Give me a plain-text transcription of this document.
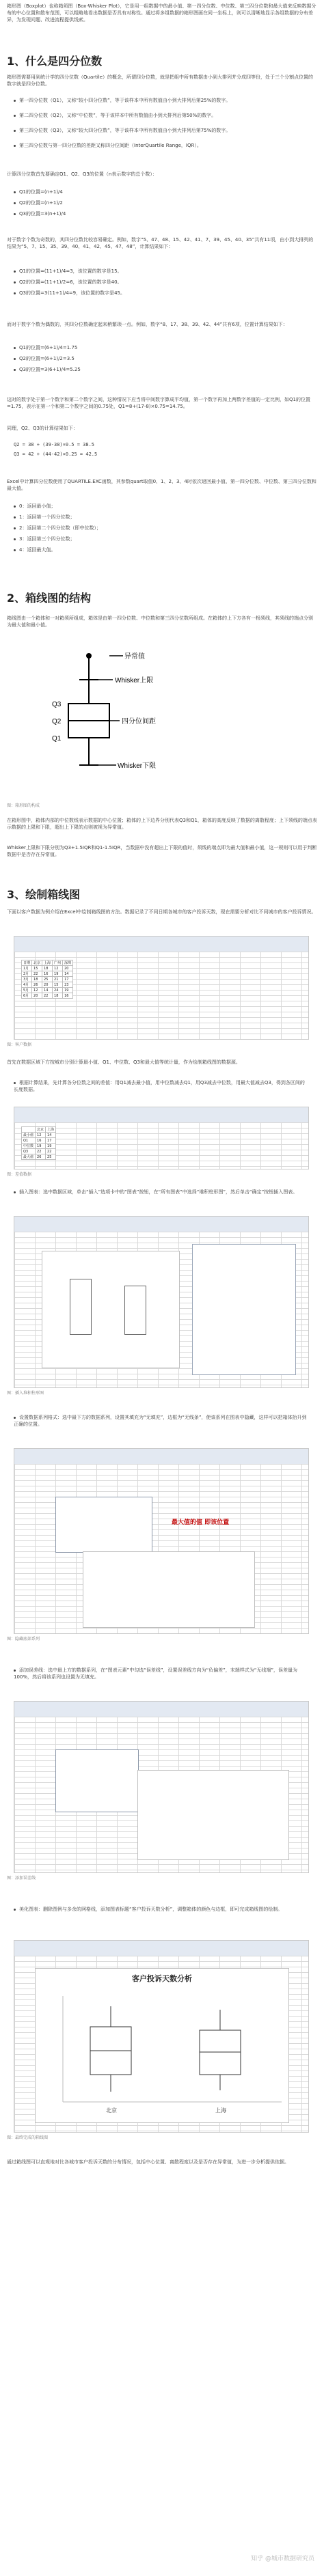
箱形图（Boxplot）也称箱须图（Box-Whisker Plot），它是用一组数据中的最小值、第一四分位数、中位数、第三四分位数和最大值来反映数据分布的中心位置和散布范围，可以粗略地看出数据是否具有对称性。通过将多组数据的箱形图画在同一坐标上，则可以清晰地显示各组数据的分布差异，为发现问题、改进流程提供线索。
1、什么是四分位数
箱形图需要用到统计学的四分位数（Quartile）的概念，所谓四分位数，就是把组中所有数据由小到大排列并分成四等份，处于三个分割点位置的数字就是四分位数。
第一四分位数（Q1），又称“较小四分位数”，等于该样本中所有数值由小到大排列后第25%的数字。
第二四分位数（Q2），又称“中位数”，等于该样本中所有数值由小到大排列后第50%的数字。
第三四分位数（Q3），又称“较大四分位数”，等于该样本中所有数值由小到大排列后第75%的数字。
第三四分位数与第一四分位数的差距又称四分位间距（InterQuartile Range，IQR）。
计算四分位数首先要确定Q1、Q2、Q3的位置（n表示数字的总个数）：
Q1的位置=(n+1)/4
Q2的位置=(n+1)/2
Q3的位置=3(n+1)/4
对于数字个数为奇数的，其四分位数比较容易确定。例如，数字“5、47、48、15、42、41、7、39、45、40、35”共有11项，由小到大排列的结果为“5、7、15、35、39、40、41、42、45、47、48”，计算结果如下：
Q1的位置=(11+1)/4=3，该位置的数字是15。
Q2的位置=(11+1)/2=6，该位置的数字是40。
Q3的位置=3(11+1)/4=9，该位置的数字是45。
而对于数字个数为偶数的，其四分位数确定起来稍繁琐一点。例如，数字“8、17、38、39、42、44”共有6项，位置计算结果如下：
Q1的位置=(6+1)/4=1.75
Q2的位置=(6+1)/2=3.5
Q3的位置=3(6+1)/4=5.25
这时的数字处于第一个数字和第二个数字之间，这种情况下应当将中间数字算成平均值，第一个数字再加上两数字差值的一定比例，如Q1的位置=1.75，表示在第一个和第二个数字之间的0.75处，Q1=8+(17-8)×0.75=14.75。
同理，Q2、Q3的计算结果如下：
Q2 = 38 + (39-38)×0.5 = 38.5
Q3 = 42 + (44-42)×0.25 = 42.5
Excel中计算四分位数使用了QUARTILE.EXC函数，其参数quart取值0、1、2、3、4时依次返回最小值、第一四分位数、中位数、第三四分位数和最大值。
0：返回最小值；
1：返回第一个四分位数；
2：返回第二个四分位数（即中位数）；
3：返回第三个四分位数；
4：返回最大值。
2、箱线图的结构
箱线图由一个箱体和一对箱须所组成，箱体是由第一四分位数、中位数和第三四分位数所组成。在箱体的上下方各有一根须线，其须线的端点分别为最大值和最小值。
异常值
Whisker上限
四分位间距
Whisker下限
Q3
Q2
Q1
图：箱形图的构成
在箱形图中，箱体内部的中位数线表示数据的中心位置；箱体的上下边界分别代表Q3和Q1，箱体的高度反映了数据的离散程度；上下须线的端点表示数据的上限和下限，超出上下限的点则被视为异常值。
Whisker上限和下限分别为Q3+1.5IQR和Q1-1.5IQR，当数据中没有超出上下限的值时，须线的端点即为最大值和最小值，这一规则可以用于判断数据中是否存在异常值。
3、绘制箱线图
下面以客户数据为例介绍在Excel中绘制箱线图的方法。数据记录了不同日期各城市的客户投诉天数，现在需要分析对比不同城市的客户投诉情况。
日期	北京	上海	广州	深圳
1月	15	18	12	20
2月	22	16	19	14
3月	18	25	21	17
4月	26	20	15	23
5月	12	14	24	19
6月	20	22	18	16
图：客户数据
首先在数据区域下方按城市分别计算最小值、Q1、中位数、Q3和最大值等统计量，作为绘制箱线图的数据源。
根据计算结果，先计算各分位数之间的差值：用Q1减去最小值，用中位数减去Q1，用Q3减去中位数，用最大值减去Q3，得到各区间的长度数据。
	北京	上海
最小值	12	14
Q1	16	17
中位数	19	19
Q3	22	22
最大值	26	25
图：差值数据
插入图表：选中数据区域，单击“插入”选项卡中的“图表”按钮，在“所有图表”中选择“堆积柱形图”，然后单击“确定”按钮插入图表。
图：插入堆积柱形图
设置数据系列格式：选中最下方的数据系列，设置其填充为“无填充”，边框为“无线条”，使该系列在图表中隐藏，这样可以把箱体抬升到正确的位置。
最大值的值 即该位置
图：隐藏底部系列
添加误差线：选中最上方的数据系列，在“图表元素”中勾选“误差线”，设置误差线方向为“负偏差”，末端样式为“无线端”，误差量为100%，然后将该系列也设置为无填充。
图：添加误差线
美化图表：删除图例与多余的网格线，添加图表标题“客户投诉天数分析”，调整箱体的颜色与边框，即可完成箱线图的绘制。
客户投诉天数分析
北京	上海
图：最终完成的箱线图
通过箱线图可以直观地对比各城市客户投诉天数的分布情况，包括中心位置、离散程度以及是否存在异常值，为进一步分析提供依据。
知乎 @城市数据研究员
